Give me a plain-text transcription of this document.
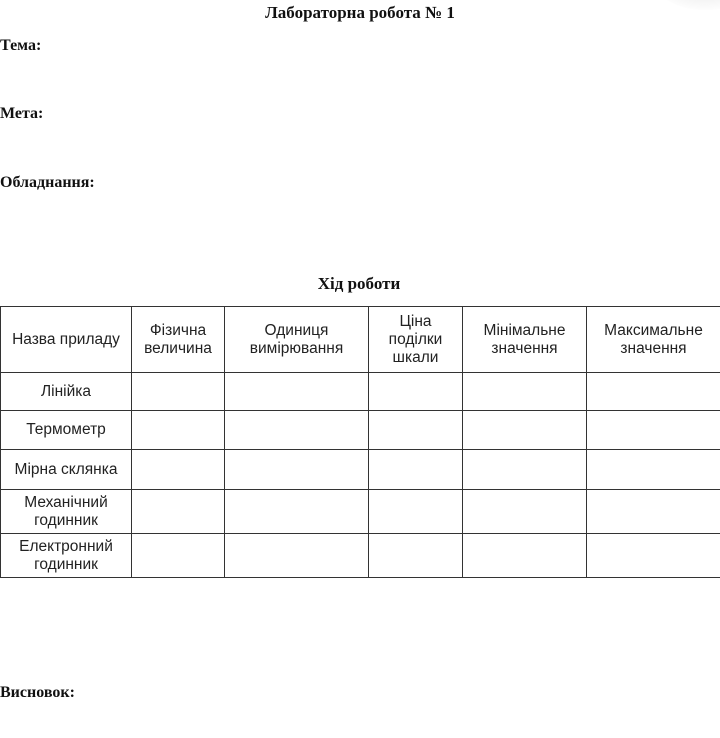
Лабораторна робота № 1
Тема:
Мета:
Обладнання:
Хід роботи
Назва приладу	Фізична величина	Одиниця вимірювання	Ціна поділки шкали	Мінімальне значення	Максимальне значення
Лінійка					
Термометр					
Мірна склянка					
Механічний годинник					
Електронний годинник					
Висновок:
